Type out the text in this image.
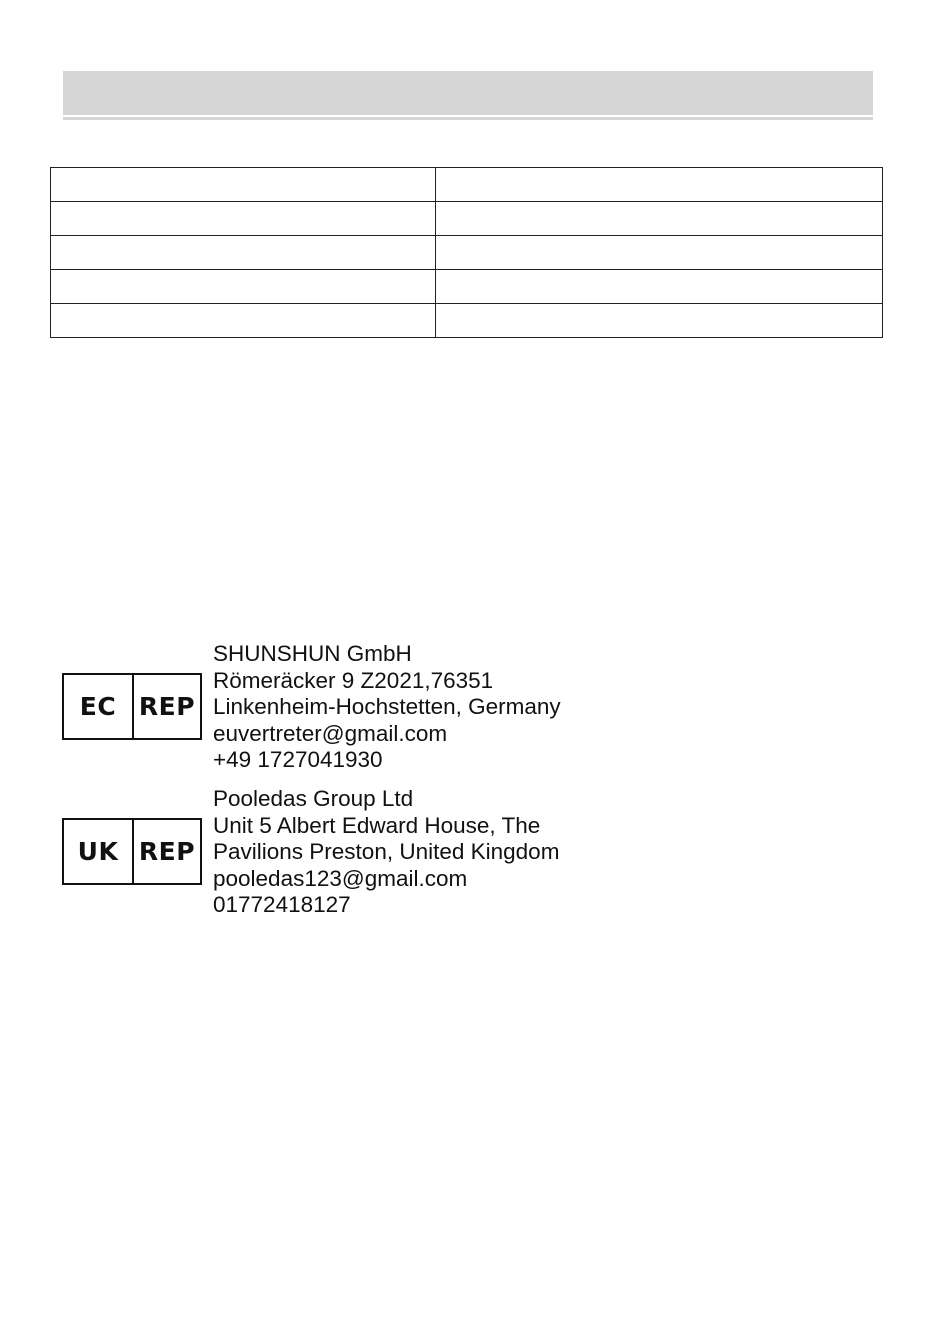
EC REP
SHUNSHUN GmbH
Römeräcker 9 Z2021,76351
Linkenheim-Hochstetten, Germany
euvertreter@gmail.com
+49 1727041930
UK REP
Pooledas Group Ltd
Unit 5 Albert Edward House, The
Pavilions Preston, United Kingdom
pooledas123@gmail.com
01772418127
